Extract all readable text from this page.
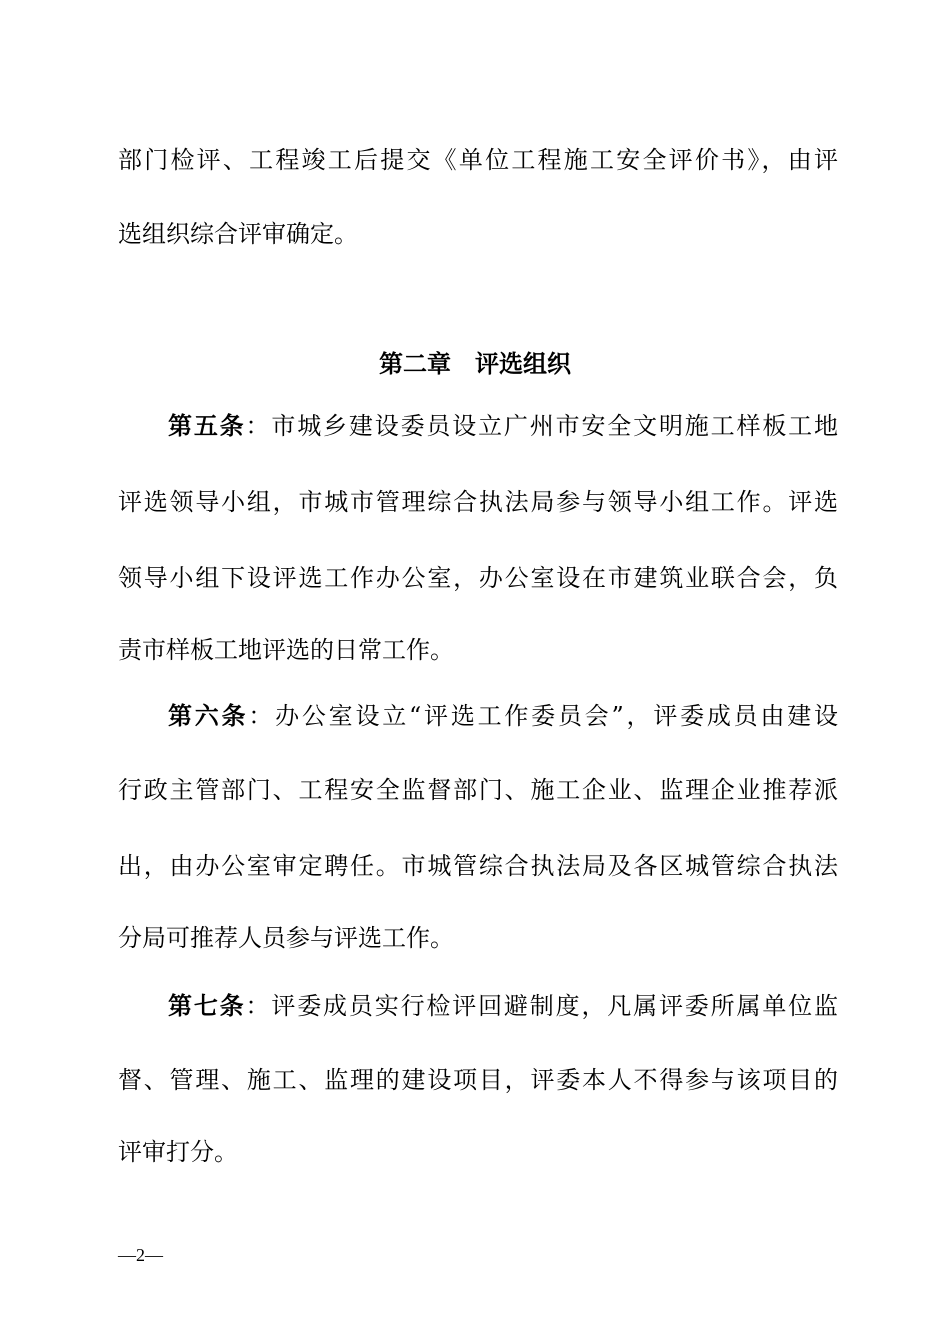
部门检评、工程竣工后提交《单位工程施工安全评价书》，由评
选组织综合评审确定。
第二章　评选组织
第五条：市城乡建设委员设立广州市安全文明施工样板工地
评选领导小组，市城市管理综合执法局参与领导小组工作。评选
领导小组下设评选工作办公室，办公室设在市建筑业联合会，负
责市样板工地评选的日常工作。
第六条：办公室设立“评选工作委员会”，评委成员由建设
行政主管部门、工程安全监督部门、施工企业、监理企业推荐派
出，由办公室审定聘任。市城管综合执法局及各区城管综合执法
分局可推荐人员参与评选工作。
第七条：评委成员实行检评回避制度，凡属评委所属单位监
督、管理、施工、监理的建设项目，评委本人不得参与该项目的
评审打分。
—2—
